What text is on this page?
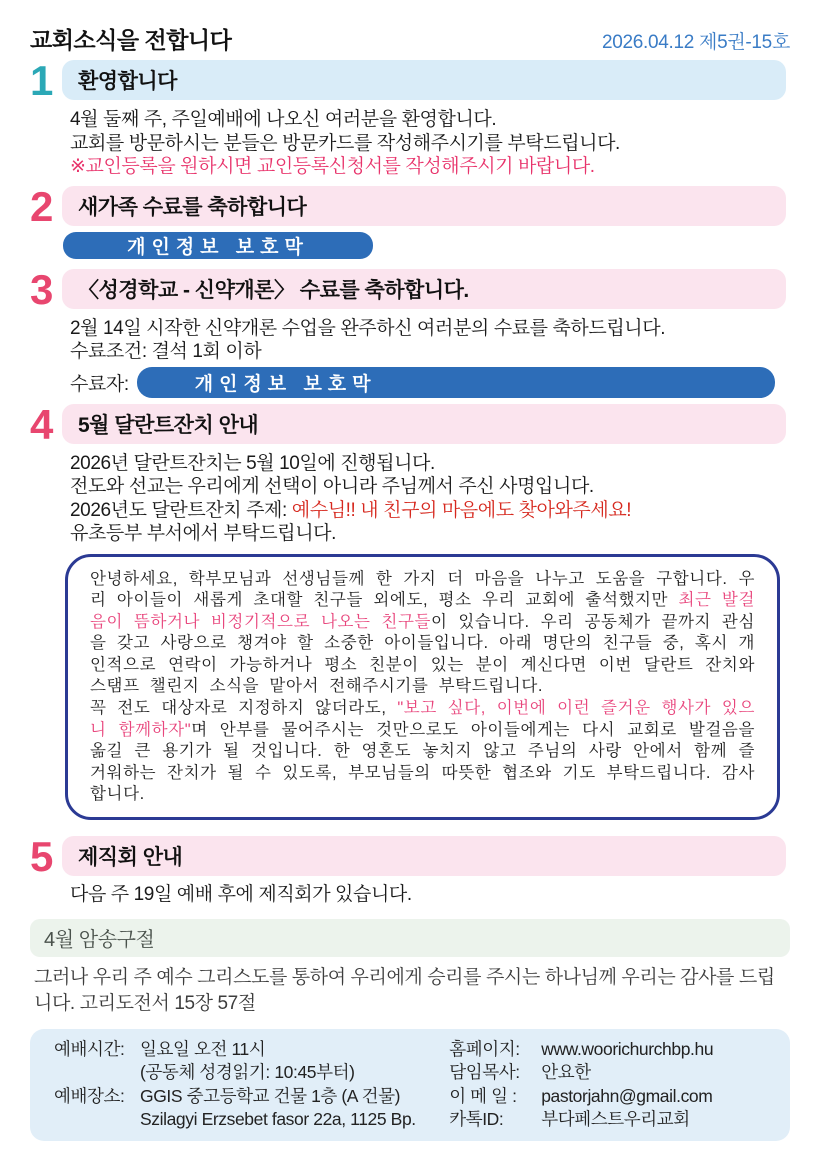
교회소식을 전합니다	2026.04.12 제5권-15호
1	환영합니다
4월 둘째 주, 주일예배에 나오신 여러분을 환영합니다.
교회를 방문하시는 분들은 방문카드를 작성해주시기를 부탁드립니다.
※교인등록을 원하시면 교인등록신청서를 작성해주시기 바랍니다.
2	새가족 수료를 축하합니다
개인정보 보호막
3	〈성경학교 - 신약개론〉 수료를 축하합니다.
2월 14일 시작한 신약개론 수업을 완주하신 여러분의 수료를 축하드립니다.
수료조건: 결석 1회 이하
수료자:	개인정보 보호막
4	5월 달란트잔치 안내
2026년 달란트잔치는 5월 10일에 진행됩니다.
전도와 선교는 우리에게 선택이 아니라 주님께서 주신 사명입니다.
2026년도 달란트잔치 주제: 예수님!! 내 친구의 마음에도 찾아와주세요!
유초등부 부서에서 부탁드립니다.
안녕하세요, 학부모님과 선생님들께 한 가지 더 마음을 나누고 도움을 구합니다. 우리 아이들이 새롭게 초대할 친구들 외에도, 평소 우리 교회에 출석했지만 최근 발걸음이 뜸하거나 비정기적으로 나오는 친구들이 있습니다. 우리 공동체가 끝까지 관심을 갖고 사랑으로 챙겨야 할 소중한 아이들입니다. 아래 명단의 친구들 중, 혹시 개인적으로 연락이 가능하거나 평소 친분이 있는 분이 계신다면 이번 달란트 잔치와 스탬프 챌린지 소식을 맡아서 전해주시기를 부탁드립니다.
꼭 전도 대상자로 지정하지 않더라도, "보고 싶다, 이번에 이런 즐거운 행사가 있으니 함께하자"며 안부를 물어주시는 것만으로도 아이들에게는 다시 교회로 발걸음을 옮길 큰 용기가 될 것입니다. 한 영혼도 놓치지 않고 주님의 사랑 안에서 함께 즐거워하는 잔치가 될 수 있도록, 부모님들의 따뜻한 협조와 기도 부탁드립니다. 감사합니다.
5	제직회 안내
다음 주 19일 예배 후에 제직회가 있습니다.
4월 암송구절
그러나 우리 주 예수 그리스도를 통하여 우리에게 승리를 주시는 하나님께 우리는 감사를 드립니다. 고리도전서 15장 57절
예배시간: 일요일 오전 11시
(공동체 성경읽기: 10:45부터)
예배장소: GGIS 중고등학교 건물 1층 (A 건물)
Szilagyi Erzsebet fasor 22a, 1125 Bp.
홈페이지:	www.woorichurchbp.hu
담임목사:	안요한
이 메 일 :	pastorjahn@gmail.com
카톡ID:	부다페스트우리교회
